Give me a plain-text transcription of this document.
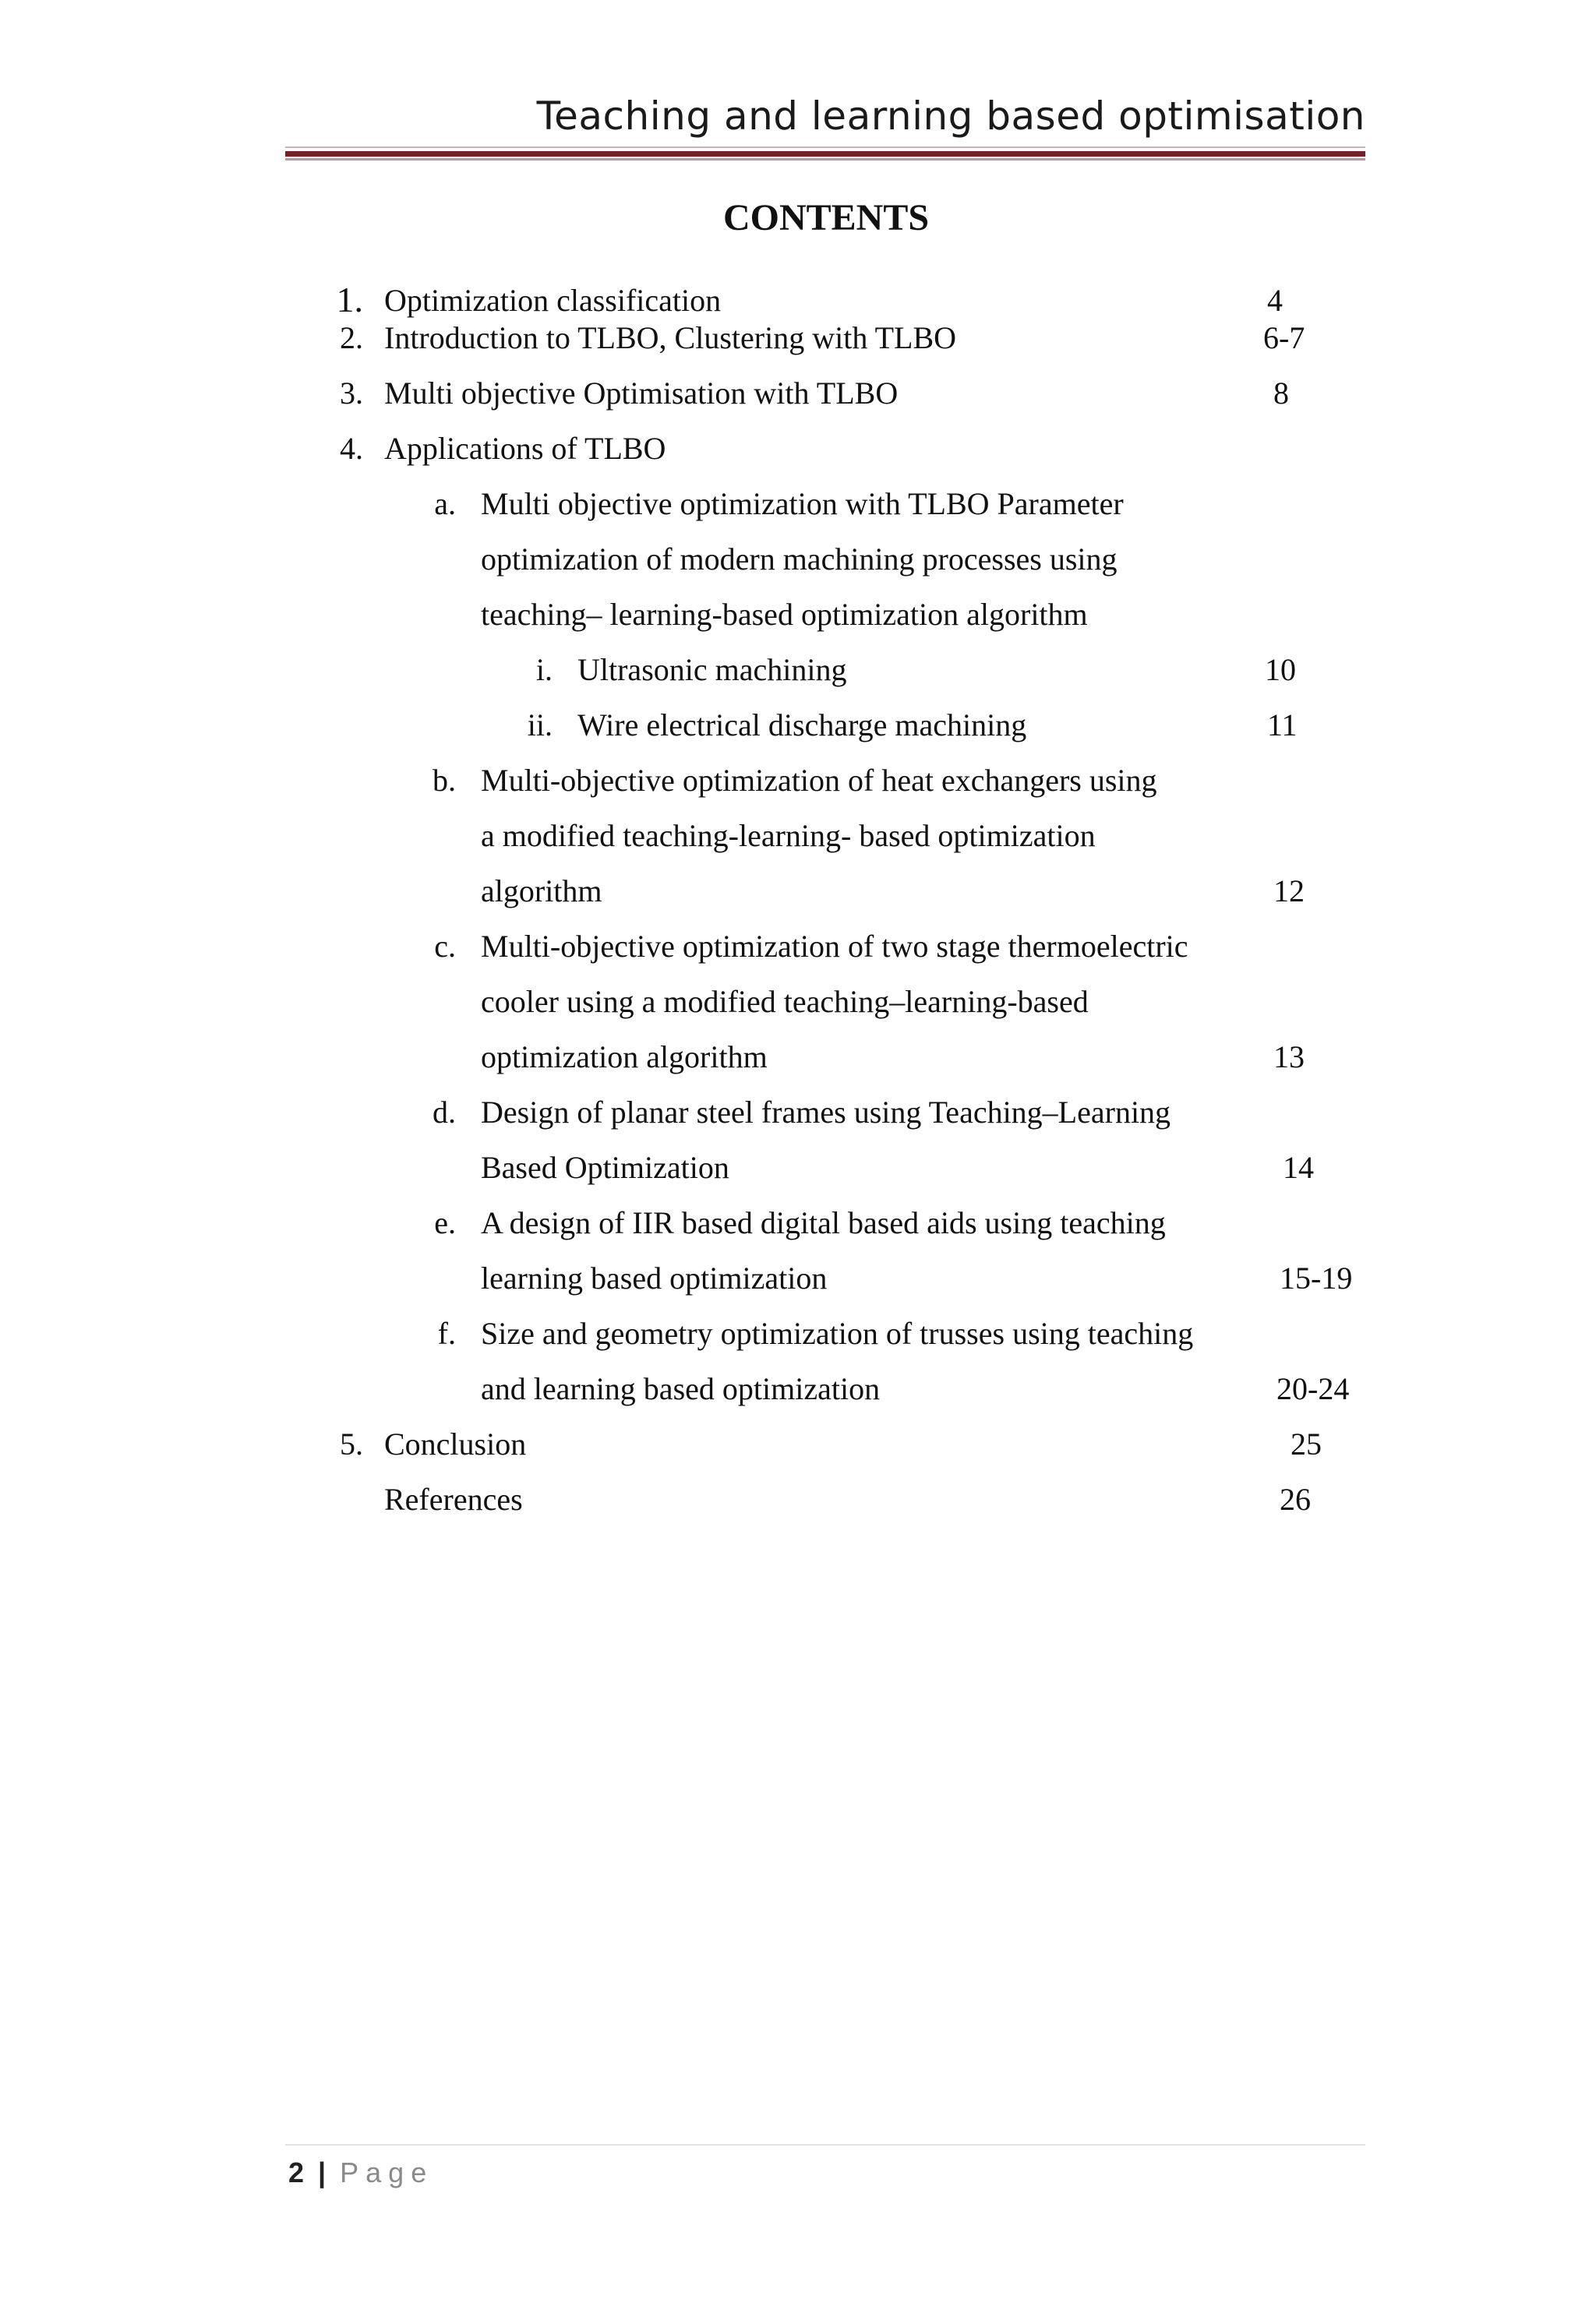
Teaching and learning based optimisation
CONTENTS
1. Optimization classification	4
2. Introduction to TLBO, Clustering with TLBO	6-7
3. Multi objective Optimisation with TLBO	8
4. Applications of TLBO
a. Multi objective optimization with TLBO Parameter
optimization of modern machining processes using
teaching– learning-based optimization algorithm
i. Ultrasonic machining	10
ii. Wire electrical discharge machining	11
b. Multi-objective optimization of heat exchangers using
a modified teaching-learning- based optimization
algorithm	12
c. Multi-objective optimization of two stage thermoelectric
cooler using a modified teaching–learning-based
optimization algorithm	13
d. Design of planar steel frames using Teaching–Learning
Based Optimization	14
e. A design of IIR based digital based aids using teaching
learning based optimization	15-19
f. Size and geometry optimization of trusses using teaching
and learning based optimization	20-24
5. Conclusion	25
References	26
2 | Page
